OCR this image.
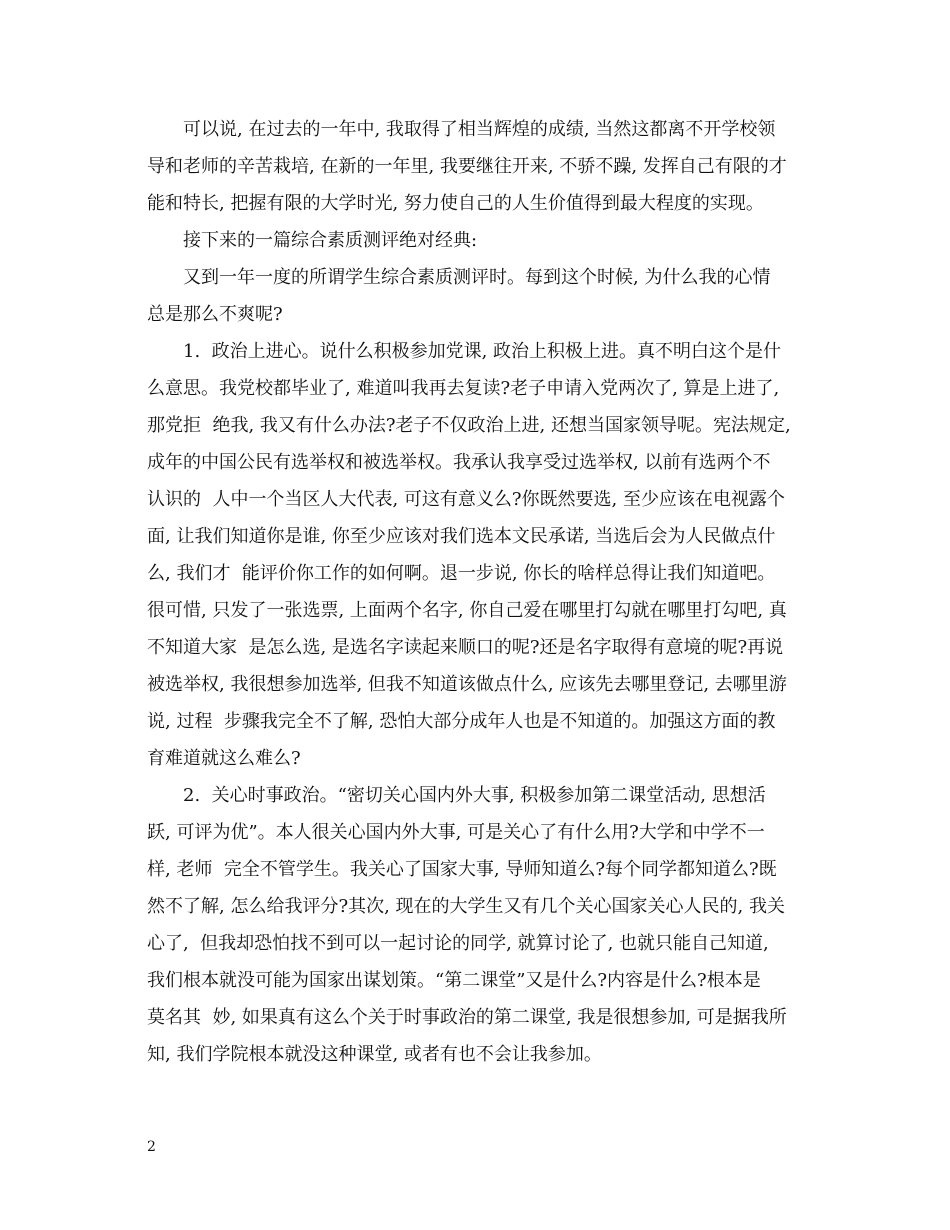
　　可以说, 在过去的一年中, 我取得了相当辉煌的成绩, 当然这都离不开学校领
导和老师的辛苦栽培, 在新的一年里, 我要继往开来, 不骄不躁, 发挥自己有限的才
能和特长, 把握有限的大学时光, 努力使自己的人生价值得到最大程度的实现。
　　接下来的一篇综合素质测评绝对经典:
　　又到一年一度的所谓学生综合素质测评时。每到这个时候, 为什么我的心情
总是那么不爽呢?
　　1.  政治上进心。说什么积极参加党课, 政治上积极上进。真不明白这个是什
么意思。我党校都毕业了, 难道叫我再去复读?老子申请入党两次了, 算是上进了,
那党拒  绝我, 我又有什么办法?老子不仅政治上进, 还想当国家领导呢。宪法规定,
成年的中国公民有选举权和被选举权。我承认我享受过选举权, 以前有选两个不
认识的  人中一个当区人大代表, 可这有意义么?你既然要选, 至少应该在电视露个
面, 让我们知道你是谁, 你至少应该对我们选本文民承诺, 当选后会为人民做点什
么, 我们才  能评价你工作的如何啊。退一步说, 你长的啥样总得让我们知道吧。
很可惜, 只发了一张选票, 上面两个名字, 你自己爱在哪里打勾就在哪里打勾吧, 真
不知道大家  是怎么选, 是选名字读起来顺口的呢?还是名字取得有意境的呢?再说
被选举权, 我很想参加选举, 但我不知道该做点什么, 应该先去哪里登记, 去哪里游
说, 过程  步骤我完全不了解, 恐怕大部分成年人也是不知道的。加强这方面的教
育难道就这么难么?
　　2.  关心时事政治。“密切关心国内外大事, 积极参加第二课堂活动, 思想活
跃, 可评为优”。本人很关心国内外大事, 可是关心了有什么用?大学和中学不一
样, 老师  完全不管学生。我关心了国家大事, 导师知道么?每个同学都知道么?既
然不了解, 怎么给我评分?其次, 现在的大学生又有几个关心国家关心人民的, 我关
心了,  但我却恐怕找不到可以一起讨论的同学, 就算讨论了, 也就只能自己知道,
我们根本就没可能为国家出谋划策。“第二课堂”又是什么?内容是什么?根本是
莫名其  妙, 如果真有这么个关于时事政治的第二课堂, 我是很想参加, 可是据我所
知, 我们学院根本就没这种课堂, 或者有也不会让我参加。
2
